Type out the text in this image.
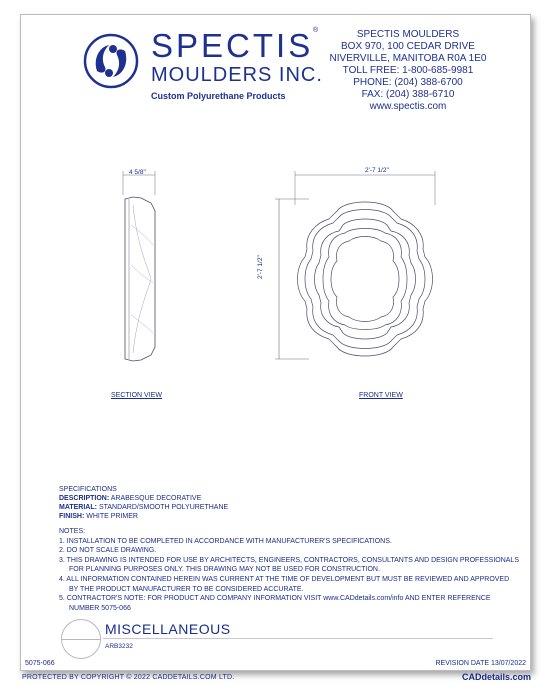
SPECTIS ®
MOULDERS INC.
Custom Polyurethane Products
SPECTIS MOULDERS
BOX 970, 100 CEDAR DRIVE
NIVERVILLE, MANITOBA R0A 1E0
TOLL FREE: 1-800-685-9981
PHONE: (204) 388-6700
FAX: (204) 388-6710
www.spectis.com
4 5/8"
SECTION VIEW
2'-7 1/2"
2'-7 1/2"
FRONT VIEW
SPECIFICATIONS
DESCRIPTION: ARABESQUE DECORATIVE
MATERIAL: STANDARD/SMOOTH POLYURETHANE
FINISH: WHITE PRIMER
NOTES:
1. INSTALLATION TO BE COMPLETED IN ACCORDANCE WITH MANUFACTURER'S SPECIFICATIONS.
2. DO NOT SCALE DRAWING.
3. THIS DRAWING IS INTENDED FOR USE BY ARCHITECTS, ENGINEERS, CONTRACTORS, CONSULTANTS AND DESIGN PROFESSIONALS FOR PLANNING PURPOSES ONLY. THIS DRAWING MAY NOT BE USED FOR CONSTRUCTION.
4. ALL INFORMATION CONTAINED HEREIN WAS CURRENT AT THE TIME OF DEVELOPMENT BUT MUST BE REVIEWED AND APPROVED BY THE PRODUCT MANUFACTURER TO BE CONSIDERED ACCURATE.
5. CONTRACTOR'S NOTE: FOR PRODUCT AND COMPANY INFORMATION VISIT www.CADdetails.com/info AND ENTER REFERENCE NUMBER 5075-066
MISCELLANEOUS
ARB3232
5075-066	REVISION DATE 13/07/2022
PROTECTED BY COPYRIGHT © 2022 CADDETAILS.COM LTD.	CADdetails.com
